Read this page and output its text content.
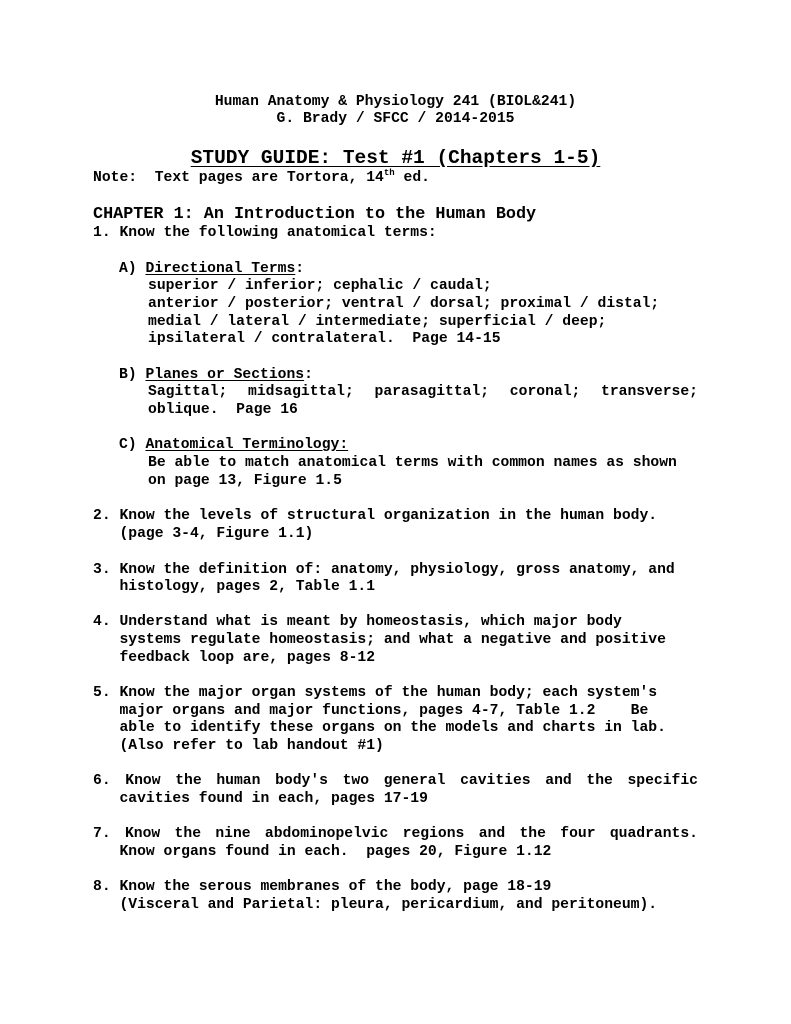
Human Anatomy & Physiology 241 (BIOL&241)
G. Brady / SFCC / 2014-2015
STUDY GUIDE: Test #1 (Chapters 1-5)
Note:  Text pages are Tortora, 14th ed.
CHAPTER 1: An Introduction to the Human Body
1. Know the following anatomical terms:
A) Directional Terms:
superior / inferior; cephalic / caudal;
anterior / posterior; ventral / dorsal; proximal / distal;
medial / lateral / intermediate; superficial / deep;
ipsilateral / contralateral.  Page 14-15
B) Planes or Sections:
Sagittal; midsagittal; parasagittal; coronal; transverse;
oblique.  Page 16
C) Anatomical Terminology:
Be able to match anatomical terms with common names as shown
on page 13, Figure 1.5
2. Know the levels of structural organization in the human body.
(page 3-4, Figure 1.1)
3. Know the definition of: anatomy, physiology, gross anatomy, and
histology, pages 2, Table 1.1
4. Understand what is meant by homeostasis, which major body
systems regulate homeostasis; and what a negative and positive
feedback loop are, pages 8-12
5. Know the major organ systems of the human body; each system's
major organs and major functions, pages 4-7, Table 1.2    Be
able to identify these organs on the models and charts in lab.
(Also refer to lab handout #1)
6. Know the human body's two general cavities and the specific
cavities found in each, pages 17-19
7. Know the nine abdominopelvic regions and the four quadrants.
Know organs found in each.  pages 20, Figure 1.12
8. Know the serous membranes of the body, page 18-19
(Visceral and Parietal: pleura, pericardium, and peritoneum).
